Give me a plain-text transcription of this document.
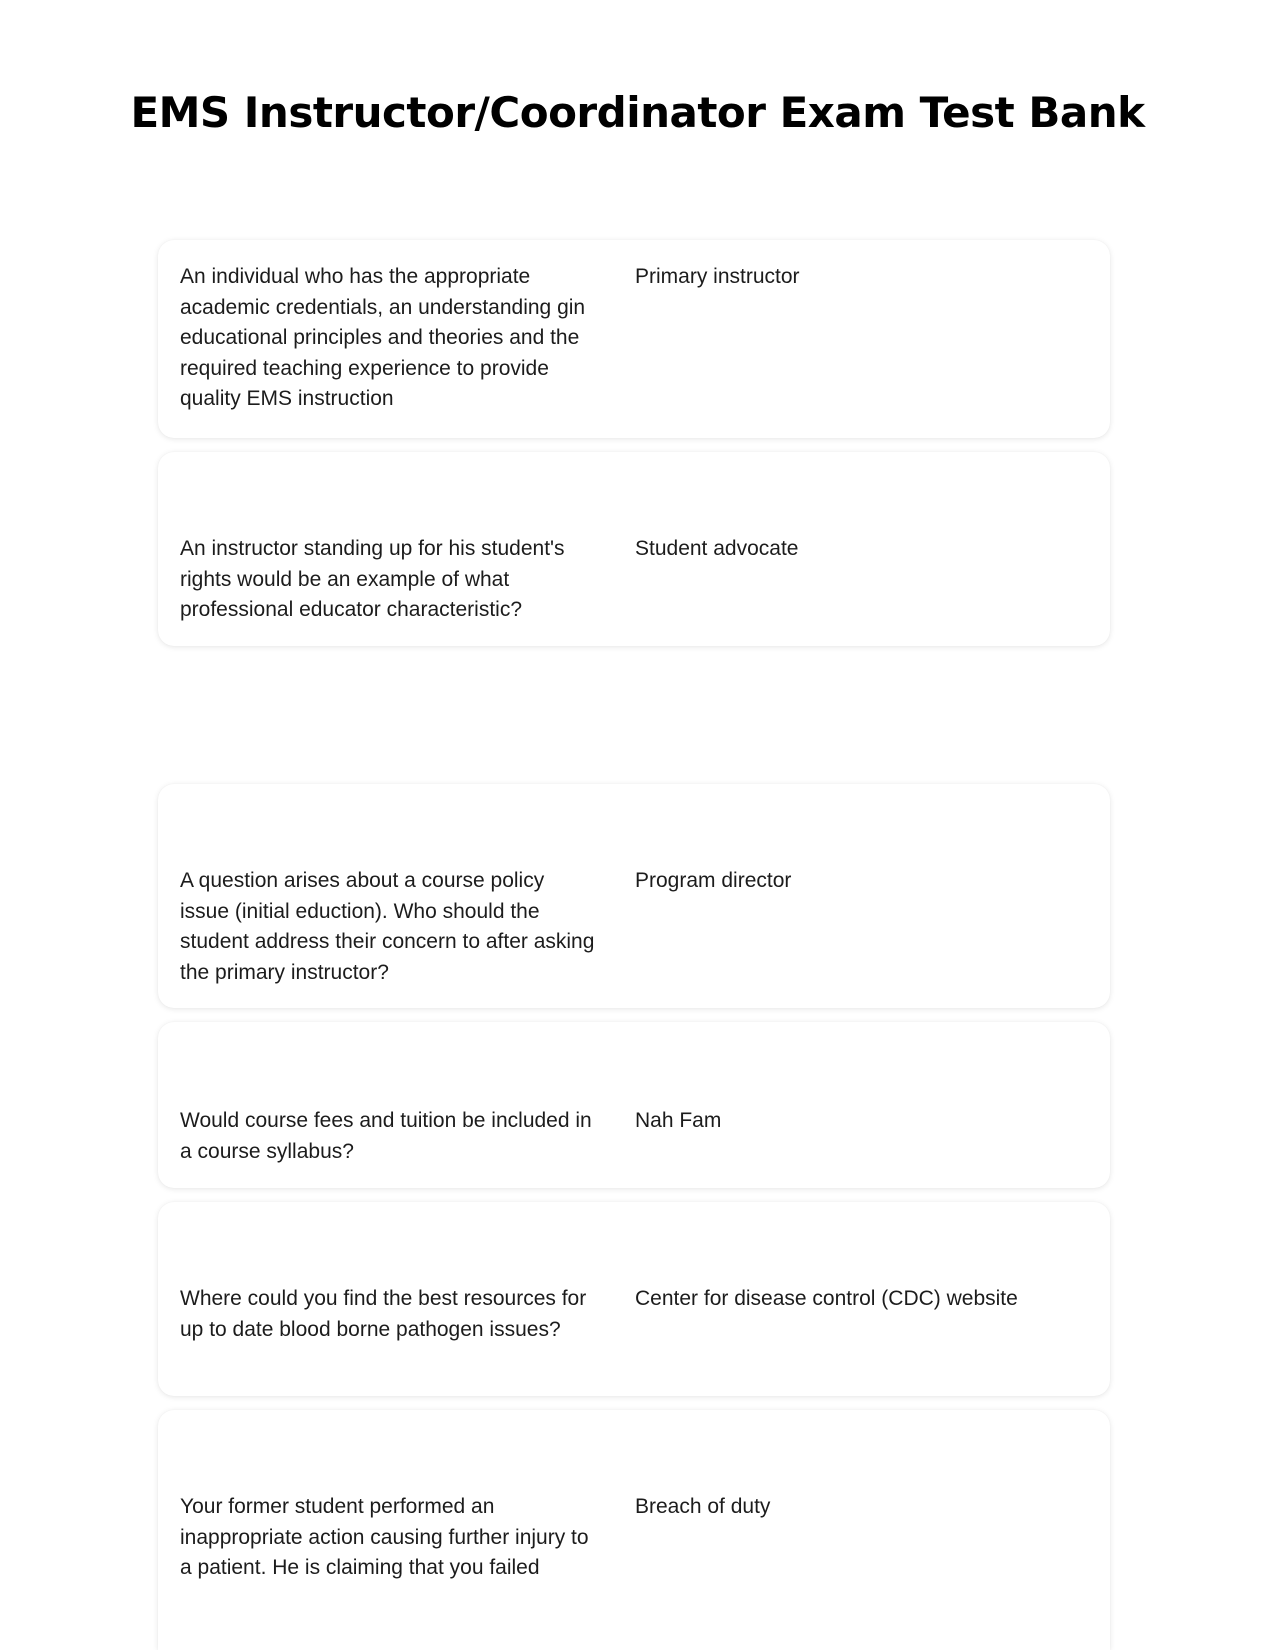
EMS Instructor/Coordinator Exam Test Bank

An individual who has the appropriate academic credentials, an understanding gin educational principles and theories and the required teaching experience to provide quality EMS instruction

Primary instructor

An instructor standing up for his student's rights would be an example of what professional educator characteristic?

Student advocate

A question arises about a course policy issue (initial eduction). Who should the student address their concern to after asking the primary instructor?

Program director

Would course fees and tuition be included in a course syllabus?

Nah Fam

Where could you find the best resources for up to date blood borne pathogen issues?

Center for disease control (CDC) website

Your former student performed an inappropriate action causing further injury to a patient. He is claiming that you failed

Breach of duty
